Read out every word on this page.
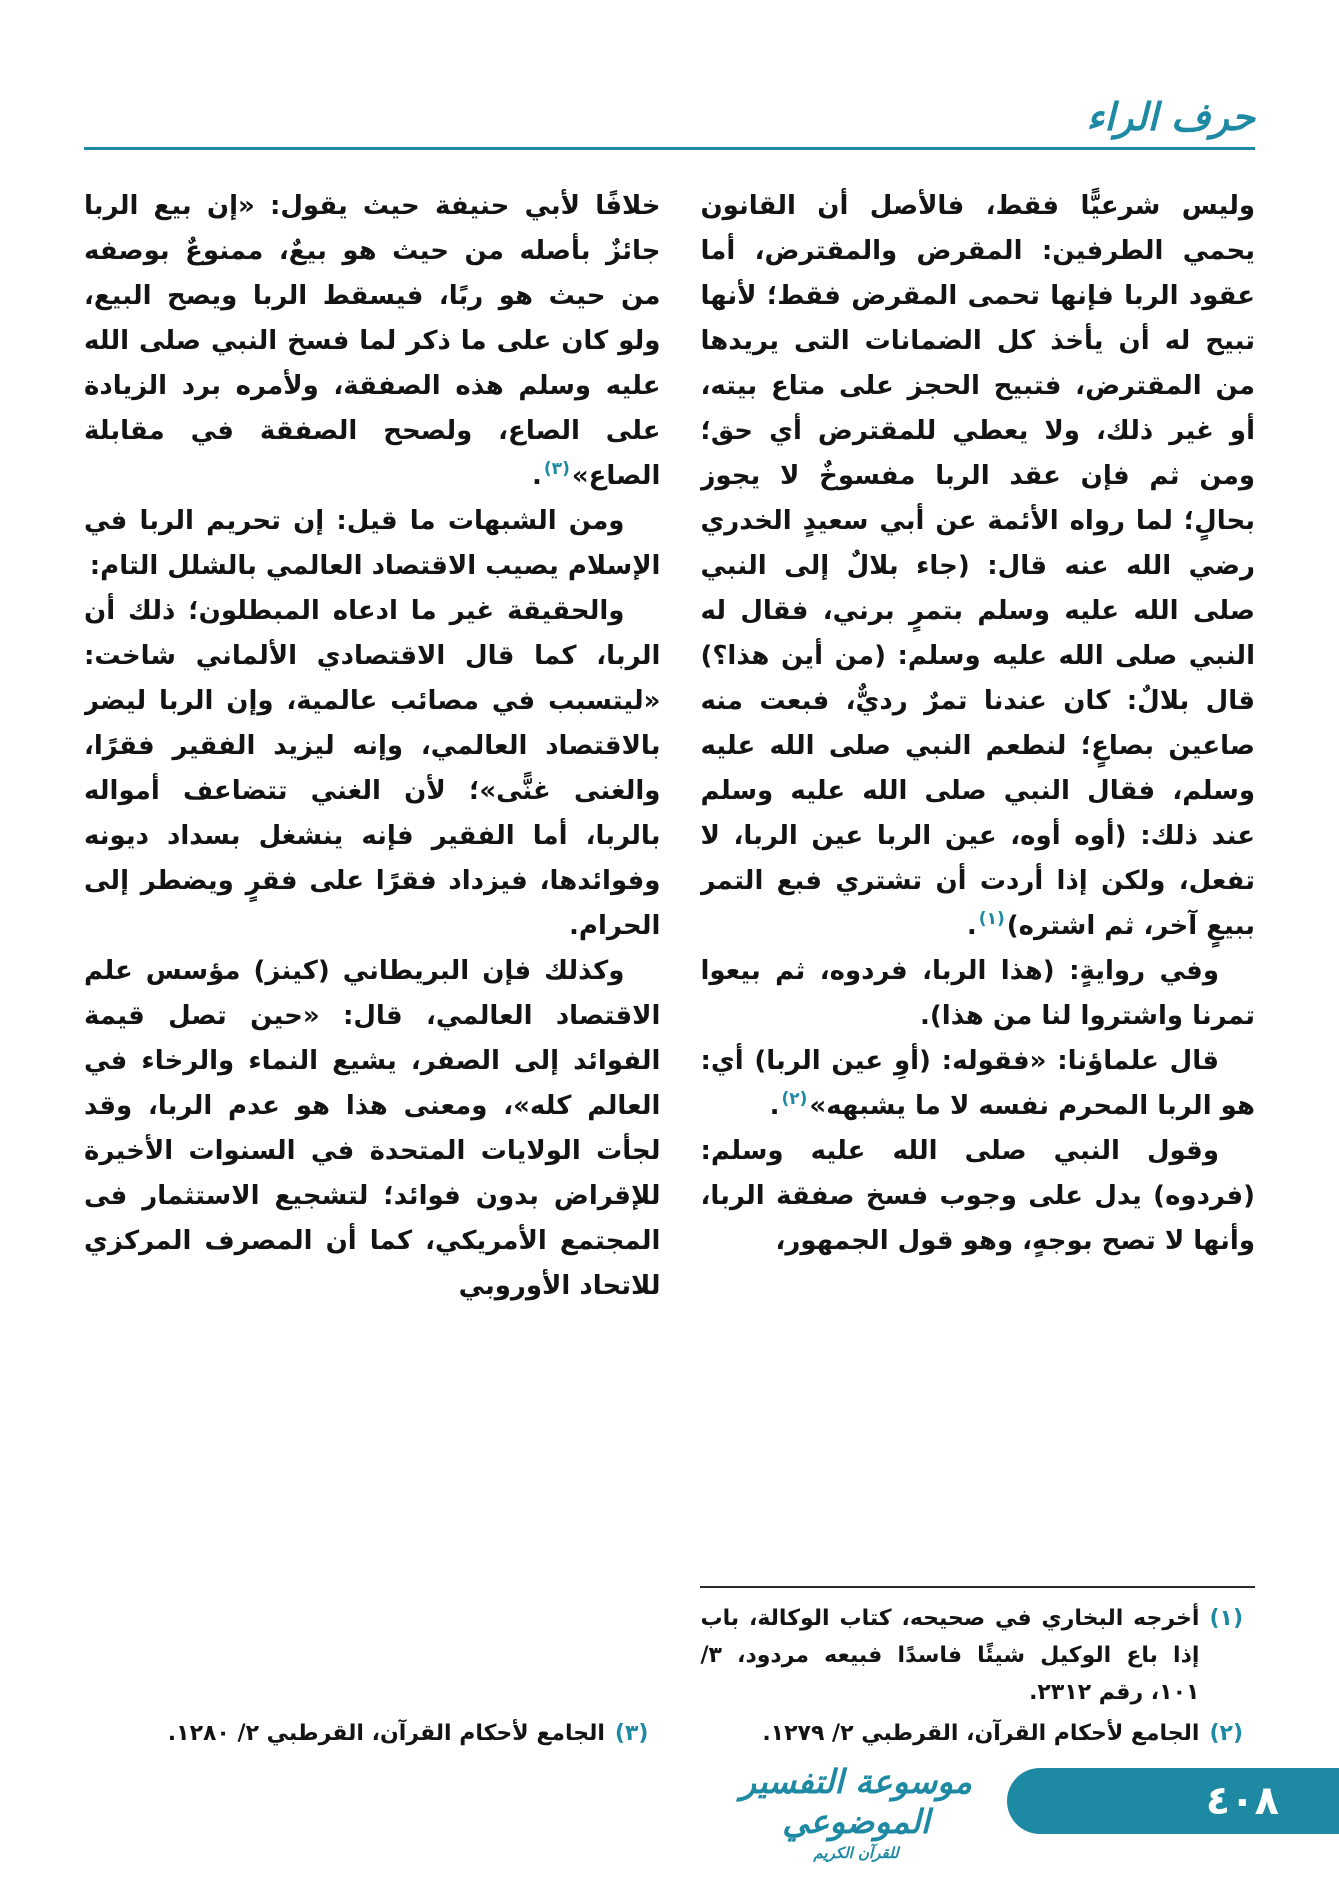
حرف الراء

وليس شرعيًّا فقط، فالأصل أن القانون يحمي الطرفين: المقرض والمقترض، أما عقود الربا فإنها تحمى المقرض فقط؛ لأنها تبيح له أن يأخذ كل الضمانات التى يريدها من المقترض، فتبيح الحجز على متاع بيته، أو غير ذلك، ولا يعطي للمقترض أي حق؛ ومن ثم فإن عقد الربا مفسوخٌ لا يجوز بحالٍ؛ لما رواه الأئمة عن أبي سعيدٍ الخدري رضي الله عنه قال: (جاء بلالٌ إلى النبي صلى الله عليه وسلم بتمرٍ برني، فقال له النبي صلى الله عليه وسلم: (من أين هذا؟) قال بلالٌ: كان عندنا تمرٌ رديٌّ، فبعت منه صاعين بصاعٍ؛ لنطعم النبي صلى الله عليه وسلم، فقال النبي صلى الله عليه وسلم عند ذلك: (أوه أوه، عين الربا عين الربا، لا تفعل، ولكن إذا أردت أن تشتري فبع التمر ببيعٍ آخر، ثم اشتره)$^{(١)}$.

وفي روايةٍ: (هذا الربا، فردوه، ثم بيعوا تمرنا واشتروا لنا من هذا).

قال علماؤنا: «فقوله: (أوِ عين الربا) أي: هو الربا المحرم نفسه لا ما يشبهه»$^{(٢)}$.

وقول النبي صلى الله عليه وسلم: (فردوه) يدل على وجوب فسخ صفقة الربا، وأنها لا تصح بوجهٍ، وهو قول الجمهور،

(١)
أخرجه البخاري في صحيحه، كتاب الوكالة، باب إذا باع الوكيل شيئًا فاسدًا فبيعه مردود، ٣/ ١٠١، رقم ٢٣١٢.
(٢)
الجامع لأحكام القرآن، القرطبي ٢/ ١٢٧٩.

خلافًا لأبي حنيفة حيث يقول: «إن بيع الربا جائزٌ بأصله من حيث هو بيعٌ، ممنوعٌ بوصفه من حيث هو ربًا، فيسقط الربا ويصح البيع، ولو كان على ما ذكر لما فسخ النبي صلى الله عليه وسلم هذه الصفقة، ولأمره برد الزيادة على الصاع، ولصحح الصفقة في مقابلة الصاع»$^{(٣)}$.

ومن الشبهات ما قيل: إن تحريم الربا في الإسلام يصيب الاقتصاد العالمي بالشلل التام:

والحقيقة غير ما ادعاه المبطلون؛ ذلك أن الربا، كما قال الاقتصادي الألماني شاخت: «ليتسبب في مصائب عالمية، وإن الربا ليضر بالاقتصاد العالمي، وإنه ليزيد الفقير فقرًا، والغنى غنًّى»؛ لأن الغني تتضاعف أمواله بالربا، أما الفقير فإنه ينشغل بسداد ديونه وفوائدها، فيزداد فقرًا على فقرٍ ويضطر إلى الحرام.

وكذلك فإن البريطاني (كينز) مؤسس علم الاقتصاد العالمي، قال: «حين تصل قيمة الفوائد إلى الصفر، يشيع النماء والرخاء في العالم كله»، ومعنى هذا هو عدم الربا، وقد لجأت الولايات المتحدة في السنوات الأخيرة للإقراض بدون فوائد؛ لتشجيع الاستثمار فى المجتمع الأمريكي، كما أن المصرف المركزي للاتحاد الأوروبي

(٣)
الجامع لأحكام القرآن، القرطبي ٢/ ١٢٨٠.
موسوعة التفسير الموضوعي
للقرآن الكريم
٤٠٨
